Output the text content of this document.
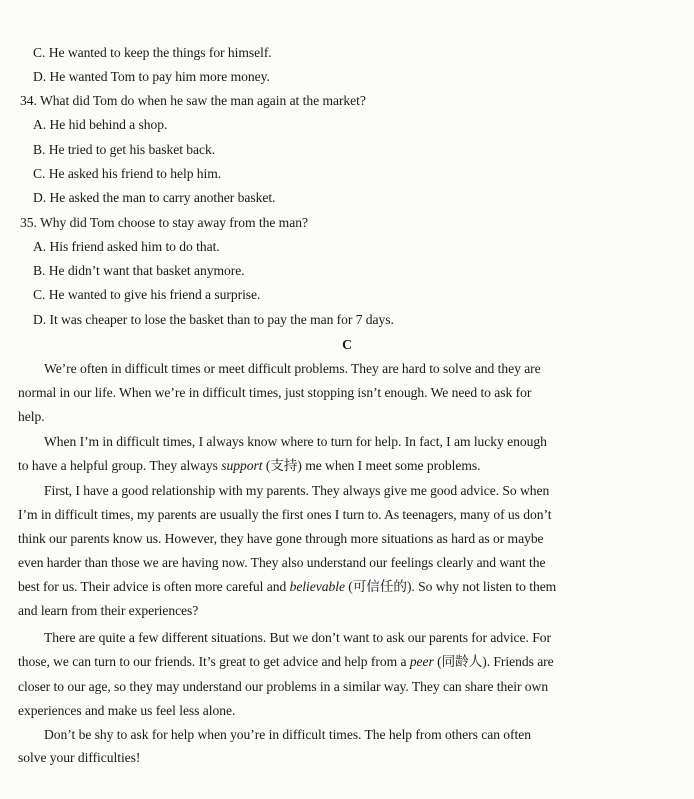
C. He wanted to keep the things for himself.
D. He wanted Tom to pay him more money.
34. What did Tom do when he saw the man again at the market?
A. He hid behind a shop.
B. He tried to get his basket back.
C. He asked his friend to help him.
D. He asked the man to carry another basket.
35. Why did Tom choose to stay away from the man?
A. His friend asked him to do that.
B. He didn’t want that basket anymore.
C. He wanted to give his friend a surprise.
D. It was cheaper to lose the basket than to pay the man for 7 days.
C
We’re often in difficult times or meet difficult problems. They are hard to solve and they are
normal in our life. When we’re in difficult times, just stopping isn’t enough. We need to ask for
help.
When I’m in difficult times, I always know where to turn for help. In fact, I am lucky enough
to have a helpful group. They always support (支持) me when I meet some problems.
First, I have a good relationship with my parents. They always give me good advice. So when
I’m in difficult times, my parents are usually the first ones I turn to. As teenagers, many of us don’t
think our parents know us. However, they have gone through more situations as hard as or maybe
even harder than those we are having now. They also understand our feelings clearly and want the
best for us. Their advice is often more careful and believable (可信任的). So why not listen to them
and learn from their experiences?
There are quite a few different situations. But we don’t want to ask our parents for advice. For
those, we can turn to our friends. It’s great to get advice and help from a peer (同龄人). Friends are
closer to our age, so they may understand our problems in a similar way. They can share their own
experiences and make us feel less alone.
Don’t be shy to ask for help when you’re in difficult times. The help from others can often
solve your difficulties!
